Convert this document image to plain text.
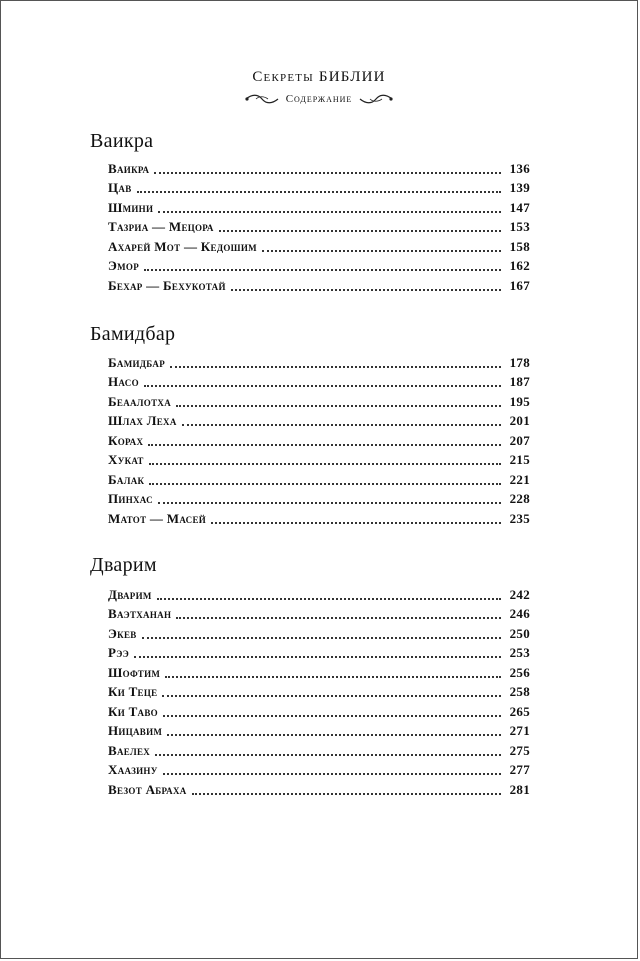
Секреты БИБЛИИ
Содержание
Ваикра
Ваикра	136
Цав	139
Шмини	147
Тазриа — Мецора	153
Ахарей Мот — Кедошим	158
Эмор	162
Бехар — Бехукотай	167
Бамидбар
Бамидбар	178
Насо	187
Беаалотха	195
Шлах Леха	201
Корах	207
Хукат	215
Балак	221
Пинхас	228
Матот — Масей	235
Дварим
Дварим	242
Ваэтханан	246
Экев	250
Рээ	253
Шофтим	256
Ки Теце	258
Ки Таво	265
Ницавим	271
Ваелех	275
Хаазину	277
Везот Абраха	281
